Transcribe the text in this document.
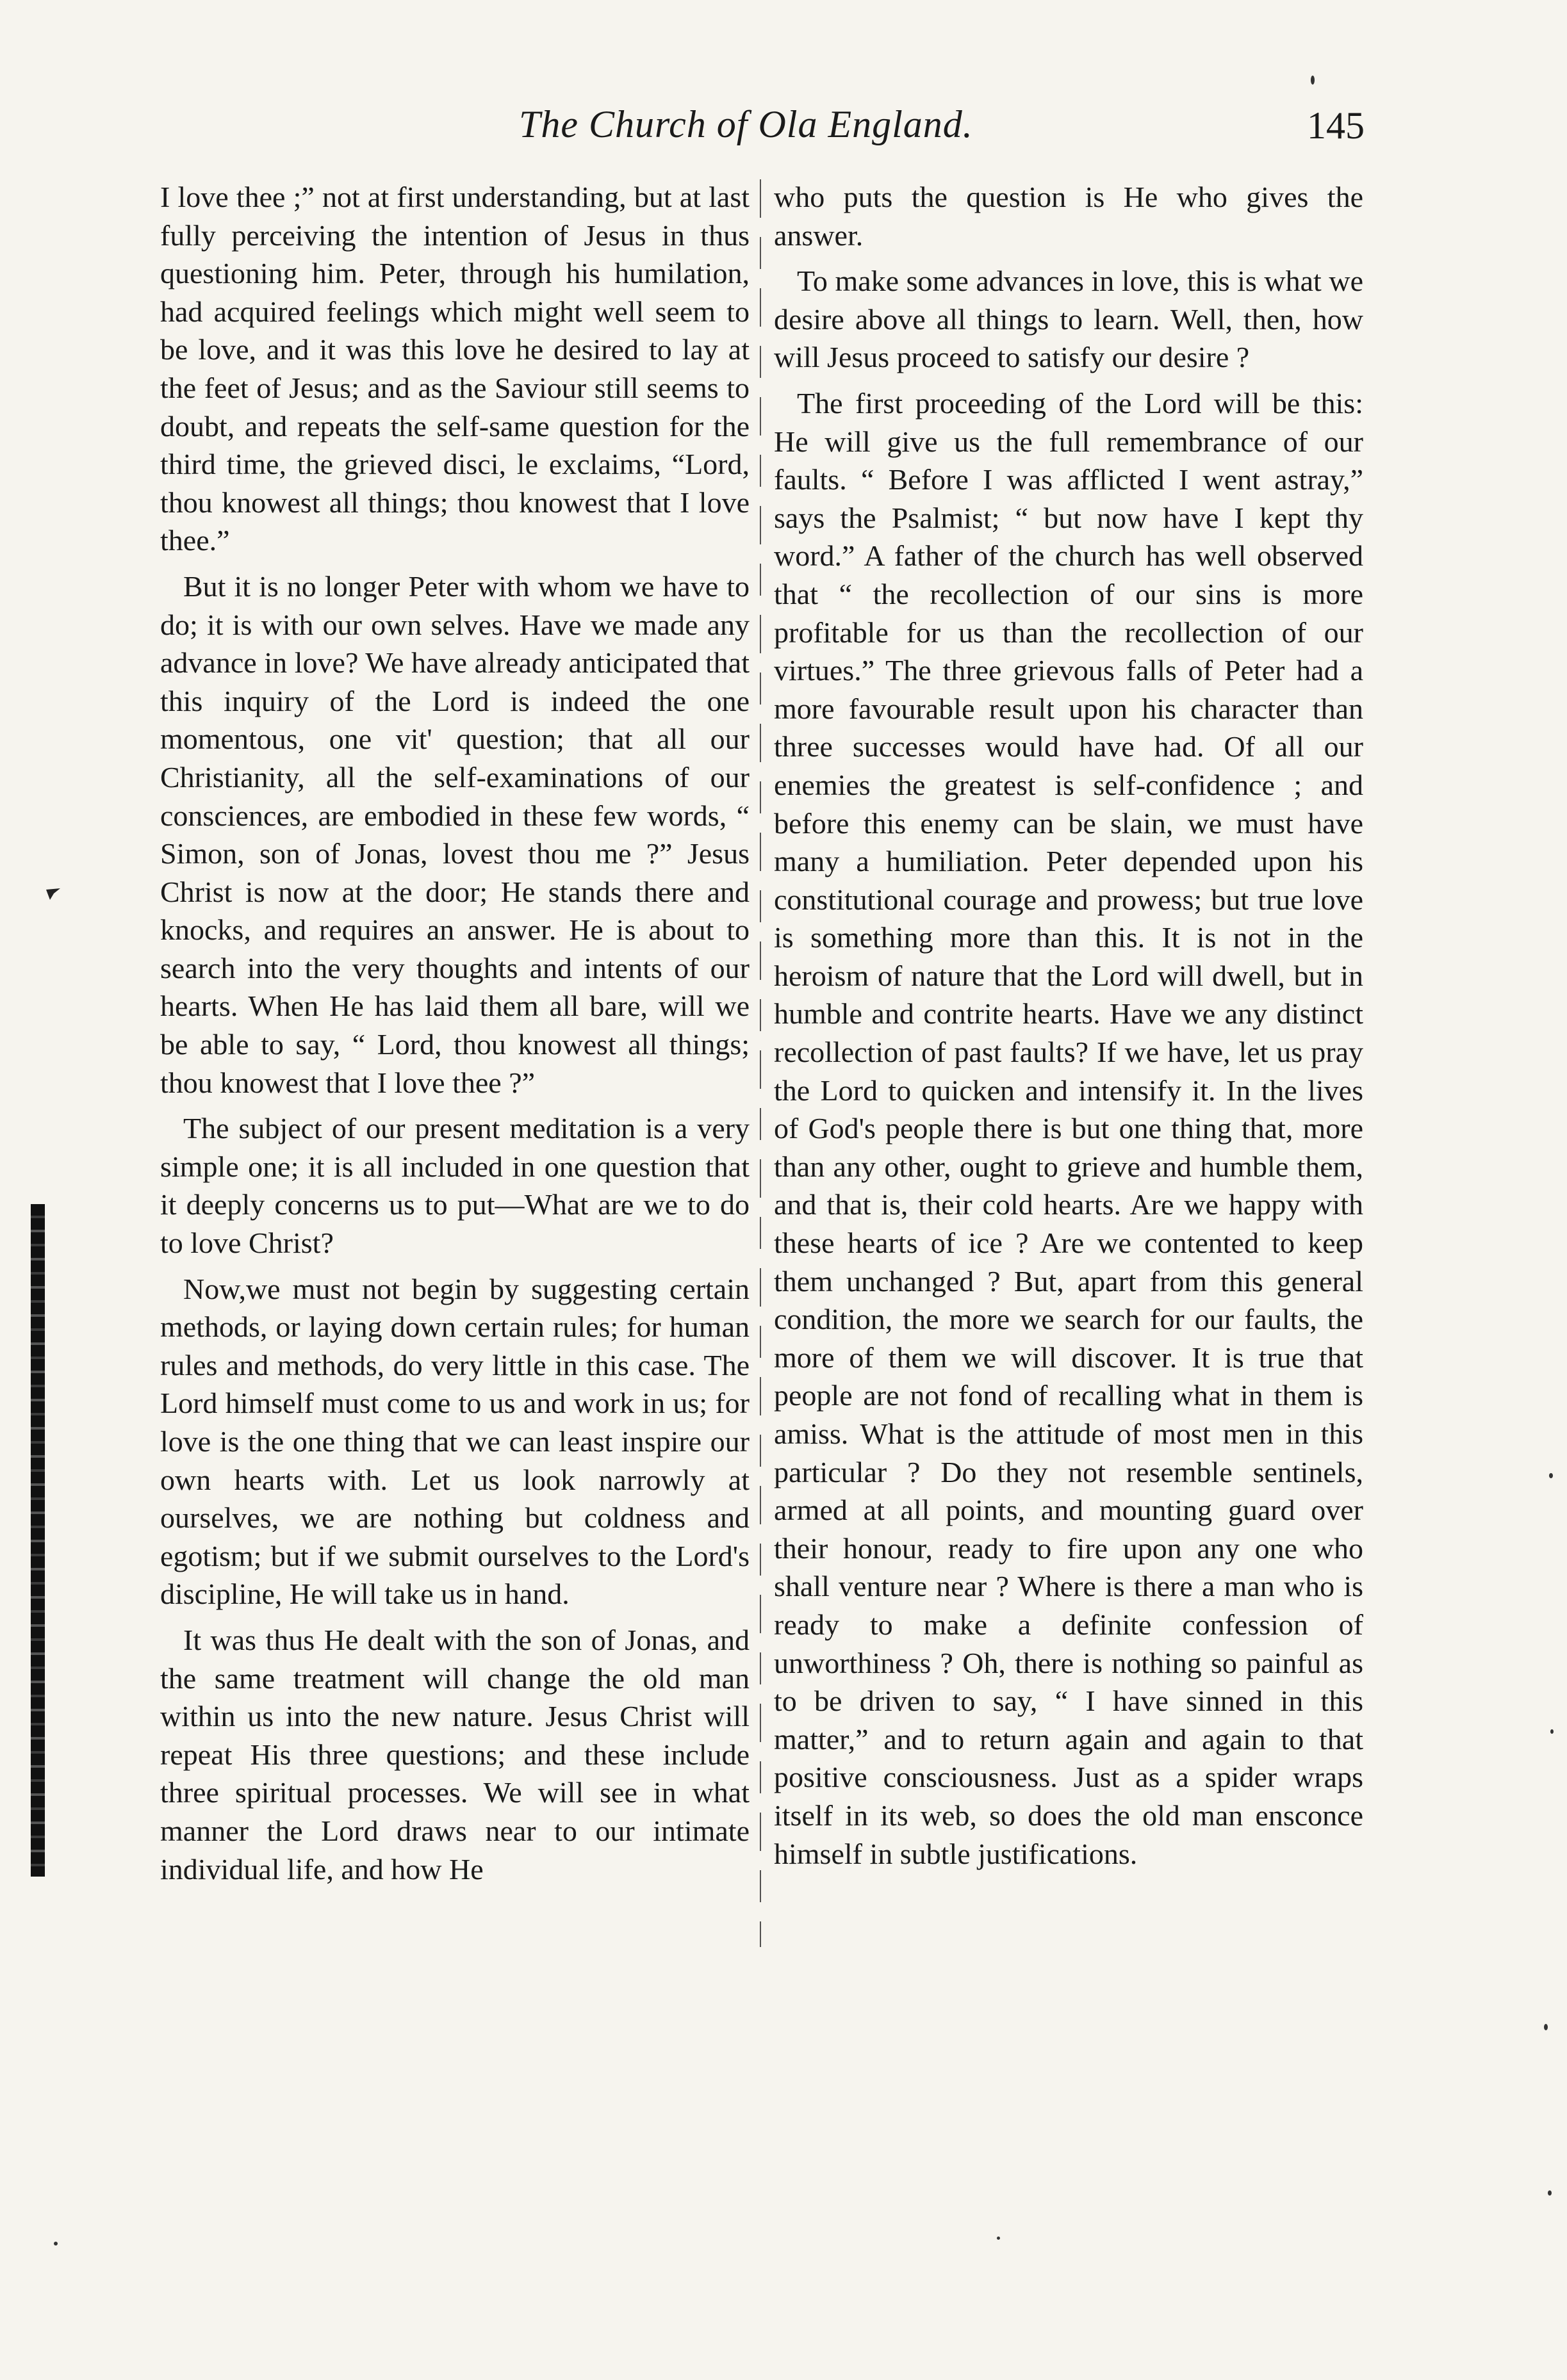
The Church of Ola England.	145

I love thee ;” not at first understanding, but at last fully perceiving the intention of Jesus in thus questioning him. Peter, through his humilation, had acquired feelings which might well seem to be love, and it was this love he desired to lay at the feet of Jesus; and as the Saviour still seems to doubt, and repeats the self-same question for the third time, the grieved disci, le exclaims, “Lord, thou knowest all things; thou knowest that I love thee.”

But it is no longer Peter with whom we have to do; it is with our own selves. Have we made any advance in love? We have already anticipated that this inquiry of the Lord is indeed the one momentous, one vit' question; that all our Christianity, all the self-examinations of our consciences, are embodied in these few words, “ Simon, son of Jonas, lovest thou me ?” Jesus Christ is now at the door; He stands there and knocks, and requires an answer. He is about to search into the very thoughts and intents of our hearts. When He has laid them all bare, will we be able to say, “ Lord, thou knowest all things; thou knowest that I love thee ?”

The subject of our present meditation is a very simple one; it is all included in one question that it deeply concerns us to put—What are we to do to love Christ?

Now,we must not begin by suggesting certain methods, or laying down certain rules; for human rules and methods, do very little in this case. The Lord himself must come to us and work in us; for love is the one thing that we can least inspire our own hearts with. Let us look narrowly at ourselves, we are nothing but coldness and egotism; but if we submit ourselves to the Lord's discipline, He will take us in hand.

It was thus He dealt with the son of Jonas, and the same treatment will change the old man within us into the new nature. Jesus Christ will repeat His three questions; and these include three spiritual processes. We will see in what manner the Lord draws near to our intimate individual life, and how He

who puts the question is He who gives the answer.

To make some advances in love, this is what we desire above all things to learn. Well, then, how will Jesus proceed to satisfy our desire ?

The first proceeding of the Lord will be this: He will give us the full remembrance of our faults. “ Before I was afflicted I went astray,” says the Psalmist; “ but now have I kept thy word.” A father of the church has well observed that “ the recollection of our sins is more profitable for us than the recollection of our virtues.” The three grievous falls of Peter had a more favourable result upon his character than three successes would have had. Of all our enemies the greatest is self-confidence ; and before this enemy can be slain, we must have many a humiliation. Peter depended upon his constitutional courage and prowess; but true love is something more than this. It is not in the heroism of nature that the Lord will dwell, but in humble and contrite hearts. Have we any distinct recollection of past faults? If we have, let us pray the Lord to quicken and intensify it. In the lives of God's people there is but one thing that, more than any other, ought to grieve and humble them, and that is, their cold hearts. Are we happy with these hearts of ice ? Are we contented to keep them unchanged ? But, apart from this general condition, the more we search for our faults, the more of them we will discover. It is true that people are not fond of recalling what in them is amiss. What is the attitude of most men in this particular ? Do they not resemble sentinels, armed at all points, and mounting guard over their honour, ready to fire upon any one who shall venture near ? Where is there a man who is ready to make a definite confession of unworthiness ? Oh, there is nothing so painful as to be driven to say, “ I have sinned in this matter,” and to return again and again to that positive consciousness. Just as a spider wraps itself in its web, so does the old man ensconce himself in subtle justifications.
